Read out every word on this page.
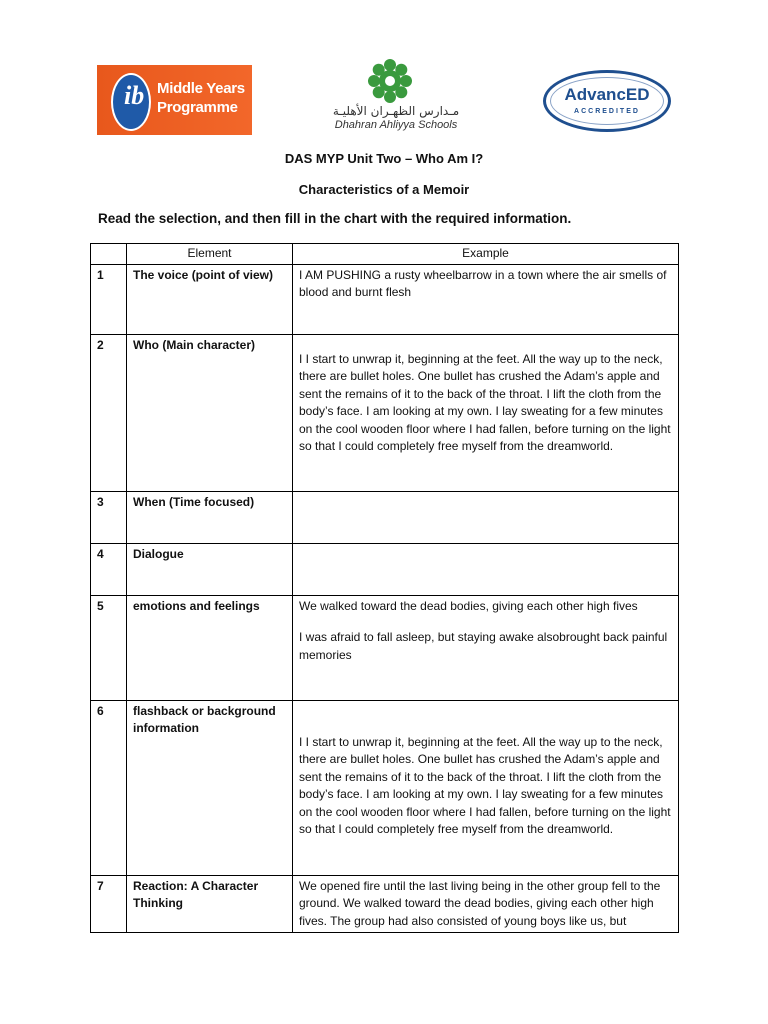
ib Middle Years
Programme	مـدارس الظهـران الأهليـة
Dhahran Ahliyya Schools
AdvancED
ACCREDITED
DAS MYP Unit Two – Who Am I?
Characteristics of a Memoir
Read the selection, and then fill in the chart with the required information.
	Element	Example
1	The voice (point of view)	I AM PUSHING a rusty wheelbarrow in a town where the air smells of blood and burnt flesh

2	Who (Main character)	I I start to unwrap it, beginning at the feet. All the way up to the neck, there are bullet holes. One bullet has crushed the Adam’s apple and sent the remains of it to the back of the throat. I lift the cloth from the body’s face. I am looking at my own. I lay sweating for a few minutes on the cool wooden floor where I had fallen, before turning on the light so that I could completely free myself from the dreamworld.

3	When (Time focused)	
4	Dialogue	
5	emotions and feelings	We walked toward the dead bodies, giving each other high fives
I was afraid to fall asleep, but staying awake alsobrought back painful memories

6	flashback or background information	I I start to unwrap it, beginning at the feet. All the way up to the neck, there are bullet holes. One bullet has crushed the Adam’s apple and sent the remains of it to the back of the throat. I lift the cloth from the body’s face. I am looking at my own. I lay sweating for a few minutes on the cool wooden floor where I had fallen, before turning on the light so that I could completely free myself from the dreamworld.

7	Reaction: A Character Thinking	We opened fire until the last living being in the other group fell to the ground. We walked toward the dead bodies, giving each other high fives. The group had also consisted of young boys like us, but
